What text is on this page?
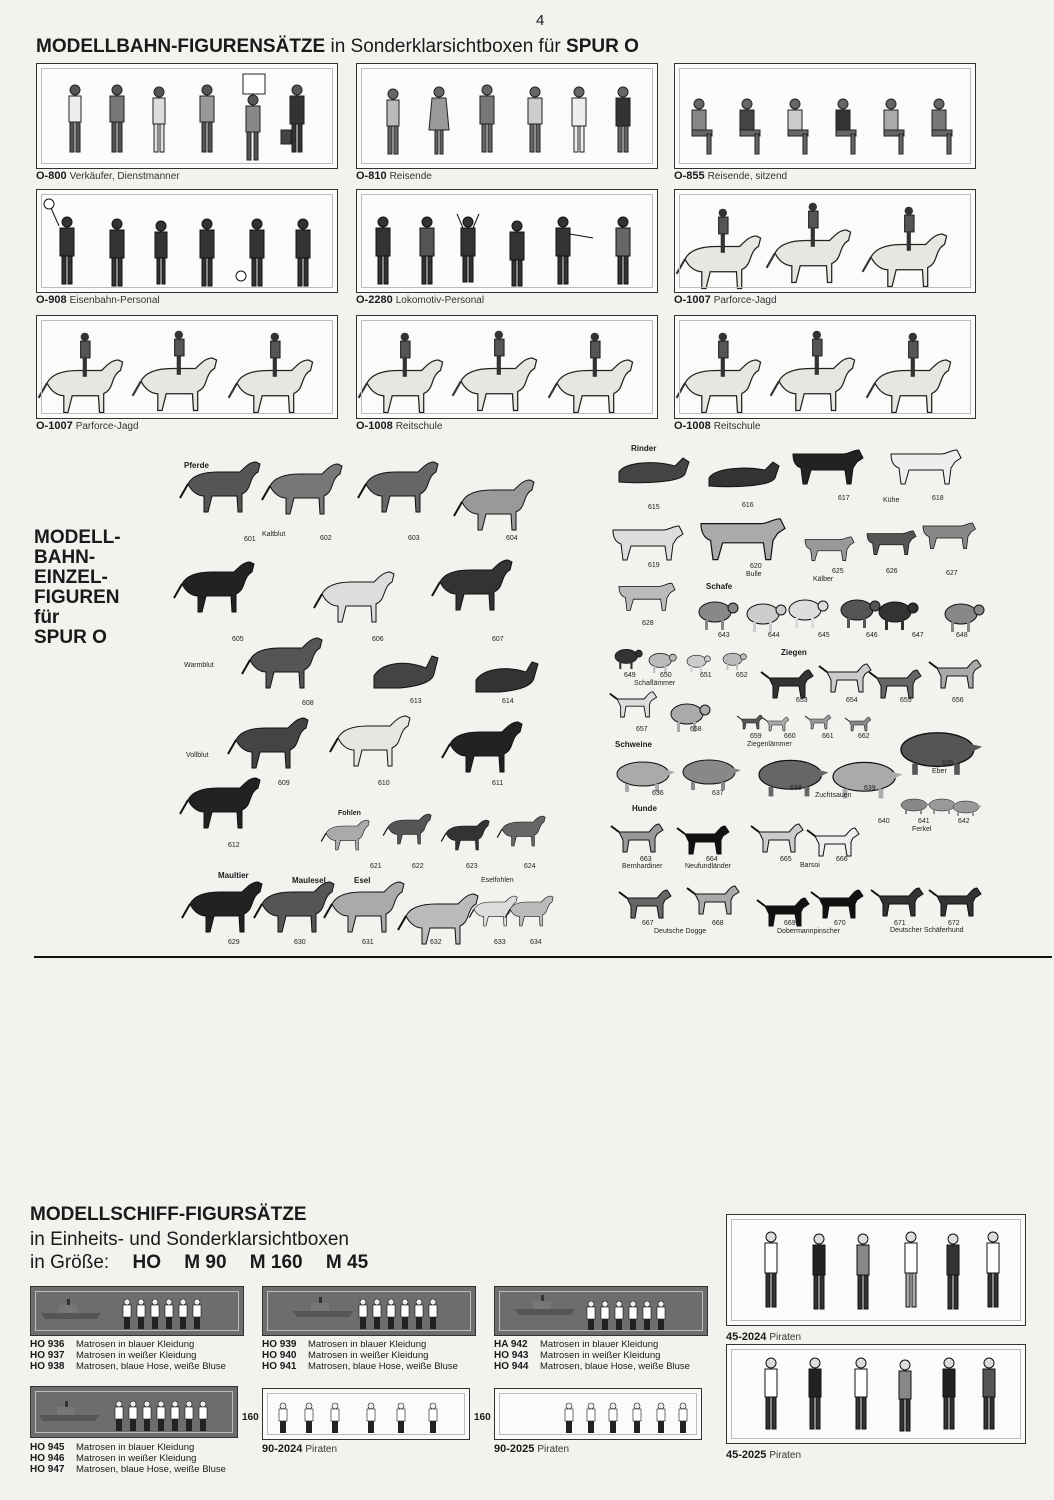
4
MODELLBAHN-FIGURENSÄTZE in Sonderklarsichtboxen für SPUR O
O-800 Verkäufer, Dienstmanner	O-810 Reisende	O-855 Reisende, sitzend
O-908 Eisenbahn-Personal	O-2280 Lokomotiv-Personal	O-1007 Parforce-Jagd
O-1007 Parforce-Jagd	O-1008 Reitschule	O-1008 Reitschule
MODELL-
BAHN-
EINZEL-
FIGUREN
für
SPUR O
Pferde
Kaltblut
Warmblut
Vollblut
Fohlen
Maultier
Maulesel	Esel	Eselfohlen
601	602	603	604
605	606	607
608	613	614
609	610	611
612
621	622	623	624
629	630	631	632	633	634
Rinder
Kühe
Bulle
Kälber
Schafe
Schaflämmer
Ziegen
Ziegenlämmer
Schweine
Eber
Zuchtsauen
Ferkel
Hunde
Bernhardiner	Neufundländer	Barsoi
Deutsche Dogge	Dobermannpinscher	Deutscher Schäferhund
615	616
617	618
619	620
625	626	627
628
643	644	645	646	647	648
649	650	651	652
653	654	655	656
657	658
659	660	661	662
635
636	637
638	639
640	641	642
663	664	665	666
667	668	669	670	671	672
MODELLSCHIFF-FIGURSÄTZE
in Einheits- und Sonderklarsichtboxen
in Größe: HO M 90 M 160 M 45
HO 936 Matrosen in blauer Kleidung
HO 937 Matrosen in weißer Kleidung
HO 938 Matrosen, blaue Hose, weiße Bluse
HO 939 Matrosen in blauer Kleidung
HO 940 Matrosen in weißer Kleidung
HO 941 Matrosen, blaue Hose, weiße Bluse
HA 942 Matrosen in blauer Kleidung
HO 943 Matrosen in weißer Kleidung
HO 944 Matrosen, blaue Hose, weiße Bluse
HO 945 Matrosen in blauer Kleidung
HO 946 Matrosen in weißer Kleidung
HO 947 Matrosen, blaue Hose, weiße Bluse
160
90-2024 Piraten
160
90-2025 Piraten
45-2024 Piraten
45-2025 Piraten
